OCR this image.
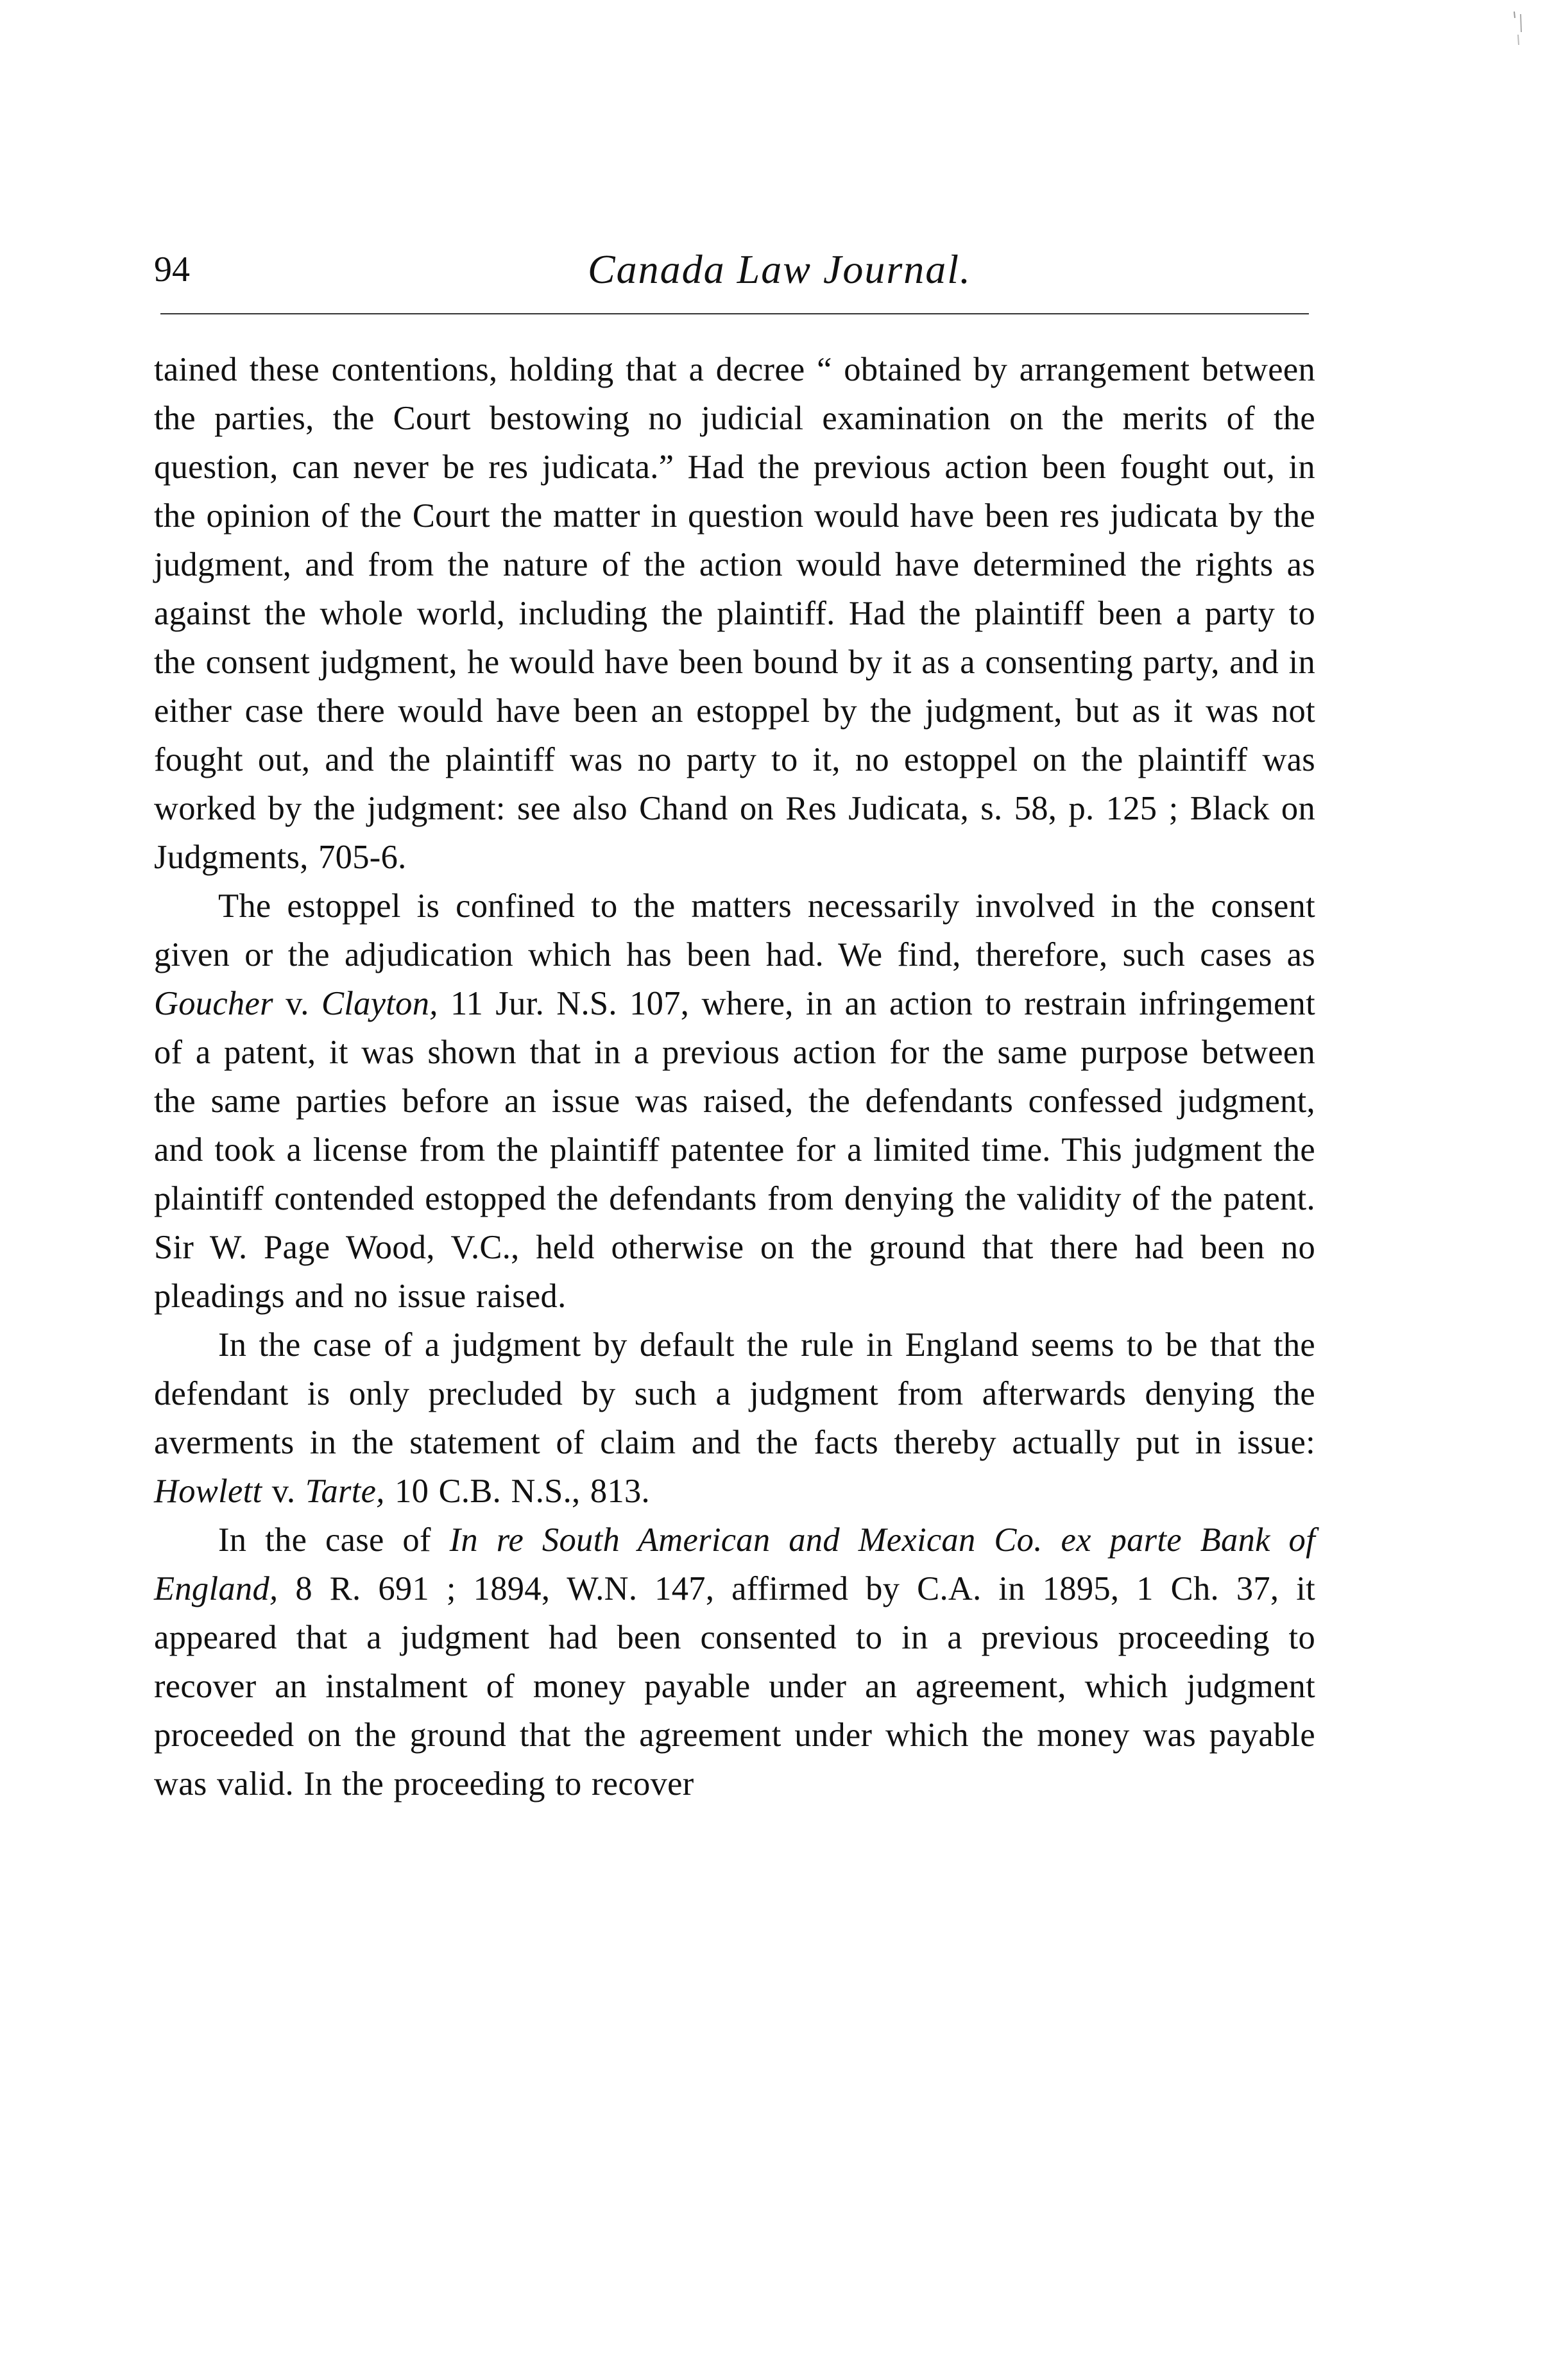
94	Canada Law Journal.

tained these contentions, holding that a decree “ obtained by arrangement between the parties, the Court bestowing no judicial examination on the merits of the question, can never be res judicata.” Had the previous action been fought out, in the opinion of the Court the matter in question would have been res judicata by the judgment, and from the nature of the action would have determined the rights as against the whole world, including the plaintiff. Had the plaintiff been a party to the consent judgment, he would have been bound by it as a consenting party, and in either case there would have been an estoppel by the judgment, but as it was not fought out, and the plaintiff was no party to it, no estoppel on the plaintiff was worked by the judgment: see also Chand on Res Judicata, s. 58, p. 125 ; Black on Judgments, 705-6.

The estoppel is confined to the matters necessarily involved in the consent given or the adjudication which has been had. We find, therefore, such cases as Goucher v. Clayton, 11 Jur. N.S. 107, where, in an action to restrain infringement of a patent, it was shown that in a previous action for the same purpose between the same parties before an issue was raised, the defendants confessed judgment, and took a license from the plaintiff patentee for a limited time. This judgment the plaintiff contended estopped the defendants from denying the validity of the patent. Sir W. Page Wood, V.C., held otherwise on the ground that there had been no pleadings and no issue raised.

In the case of a judgment by default the rule in England seems to be that the defendant is only precluded by such a judgment from afterwards denying the averments in the statement of claim and the facts thereby actually put in issue: Howlett v. Tarte, 10 C.B. N.S., 813.

In the case of In re South American and Mexican Co. ex parte Bank of England, 8 R. 691 ; 1894, W.N. 147, affirmed by C.A. in 1895, 1 Ch. 37, it appeared that a judgment had been consented to in a previous proceeding to recover an instalment of money payable under an agreement, which judgment proceeded on the ground that the agreement under which the money was payable was valid. In the proceeding to recover
